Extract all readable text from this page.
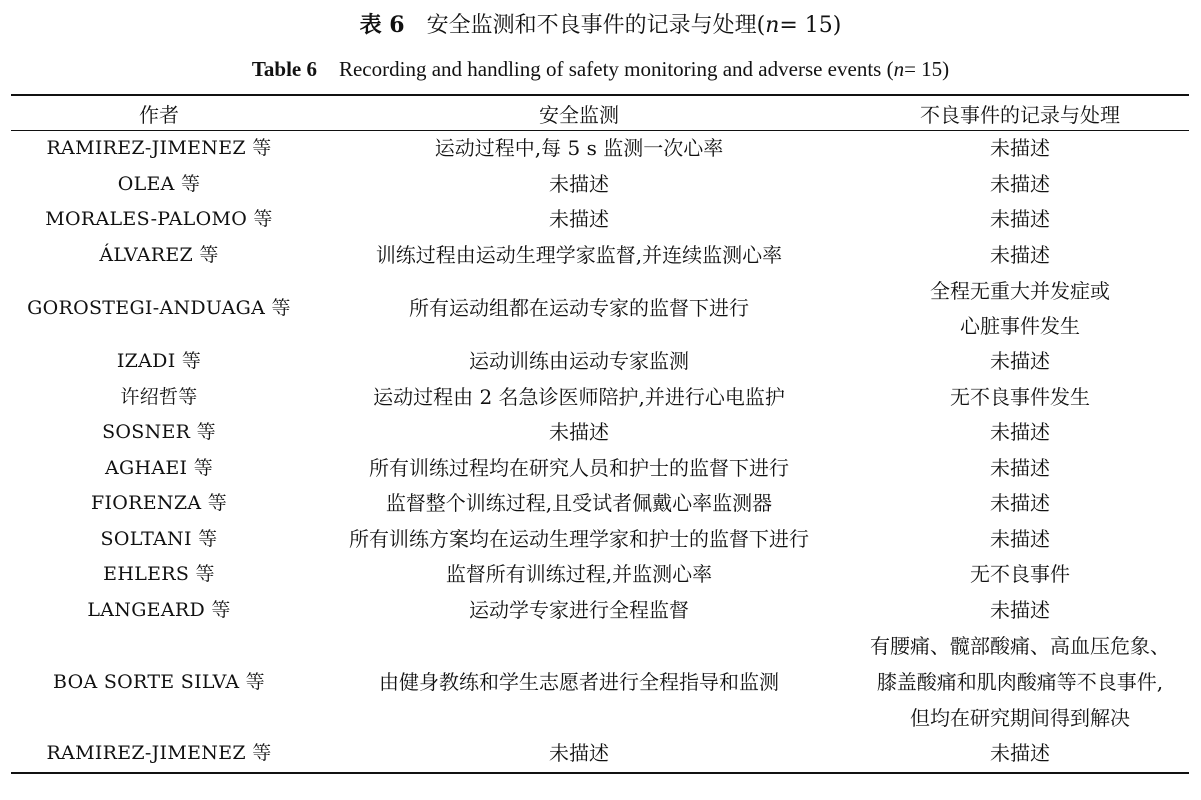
表 6 安全监测和不良事件的记录与处理(n= 15)
Table 6 Recording and handling of safety monitoring and adverse events (n= 15)
作者	安全监测	不良事件的记录与处理
RAMIREZ-JIMENEZ 等	运动过程中,每 5 s 监测一次心率	未描述

OLEA 等	未描述	未描述

MORALES-PALOMO 等	未描述	未描述

ÁLVAREZ 等	训练过程由运动生理学家监督,并连续监测心率	未描述

GOROSTEGI-ANDUAGA 等	所有运动组都在运动专家的监督下进行	全程无重大并发症或
心脏事件发生

IZADI 等	运动训练由运动专家监测	未描述

许绍哲等	运动过程由 2 名急诊医师陪护,并进行心电监护	无不良事件发生

SOSNER 等	未描述	未描述

AGHAEI 等	所有训练过程均在研究人员和护士的监督下进行	未描述

FIORENZA 等	监督整个训练过程,且受试者佩戴心率监测器	未描述

SOLTANI 等	所有训练方案均在运动生理学家和护士的监督下进行	未描述

EHLERS 等	监督所有训练过程,并监测心率	无不良事件

LANGEARD 等	运动学专家进行全程监督	未描述

BOA SORTE SILVA 等	由健身教练和学生志愿者进行全程指导和监测	有腰痛、髋部酸痛、高血压危象、
膝盖酸痛和肌肉酸痛等不良事件,
但均在研究期间得到解决

RAMIREZ-JIMENEZ 等	未描述	未描述
